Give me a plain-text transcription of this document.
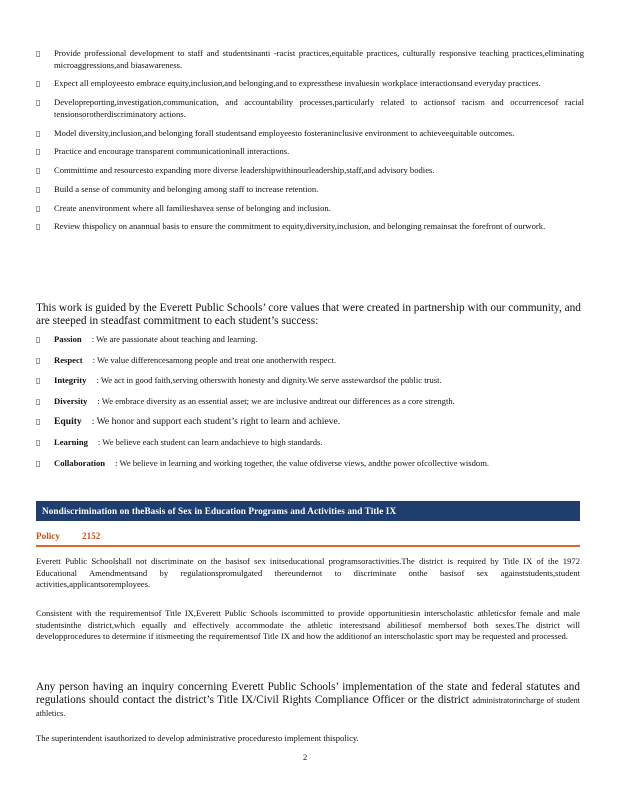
▯	Provide professional development to staff and studentsinanti -racist practices,equitable practices, culturally responsive teaching practices,eliminating microaggressions,and biasawareness.
▯	Expect all employeesto embrace equity,inclusion,and belonging,and to expressthese invaluesin workplace interactionsand everyday practices.
▯	Developreporting,investigation,communication, and accountability processes,particularly related to actionsof racism and occurrencesof racial tensionsorotherdiscriminatory actions.
▯	Model diversity,inclusion,and belonging forall studentsand employeesto fosteraninclusive environment to achieveequitable outcomes.
▯	Practice and encourage transparent communicationinall interactions.
▯	Committime and resourcesto expanding more diverse leadershipwithinourleadership,staff,and advisory bodies.
▯	Build a sense of community and belonging among staff to increase retention.
▯	Create anenvironment where all familieshavea sense of belonging and inclusion.
▯	Review thispolicy on anannual basis to ensure the commitment to equity,diversity,inclusion, and belonging remainsat the forefront of ourwork.
This work is guided by the Everett Public Schools’ core values that were created in partnership with our community, and are steeped in steadfast commitment to each student’s success:
▯	Passion : We are passionate about teaching and learning.
▯	Respect : We value differencesamong people and treat one anotherwith respect.
▯	Integrity : We act in good faith,serving otherswith honesty and dignity.We serve asstewardsof the public trust.
▯	Diversity : We embrace diversity as an essential asset; we are inclusive andtreat our differences as a core strength.
▯	Equity : We honor and support each student’s right to learn and achieve.
▯	Learning : We believe each student can learn andachieve to high standards.
▯	Collaboration : We believe in learning and working together, the value ofdiverse views, andthe power ofcollective wisdom.
Nondiscrimination on theBasis of Sex in Education Programs and Activities and Title IX
Policy 2152
Everett Public Schoolshall not discriminate on the basisof sex initseducational programsoractivities.The district is required by Title IX of the 1972 Educational Amendmentsand by regulationspromulgated thereundernot to discriminate onthe basisof sex againststudents,student activities,applicantsoremployees.
Consistent with the requirementsof Title IX,Everett Public Schools iscommitted to provide opportunitiesin interscholastic athleticsfor female and male studentsinthe district,which equally and effectively accommodate the athletic interestsand abilitiesof membersof both sexes.The district will developprocedures to determine if itismeeting the requirementsof Title IX and how the additionof an interscholastic sport may be requested and processed.
Any person having an inquiry concerning Everett Public Schools’ implementation of the state and federal statutes and regulations should contact the district’s Title IX/Civil Rights Compliance Officer or the district administratorincharge of student athletics.
The superintendent isauthorized to develop administrative proceduresto implement thispolicy.
2
